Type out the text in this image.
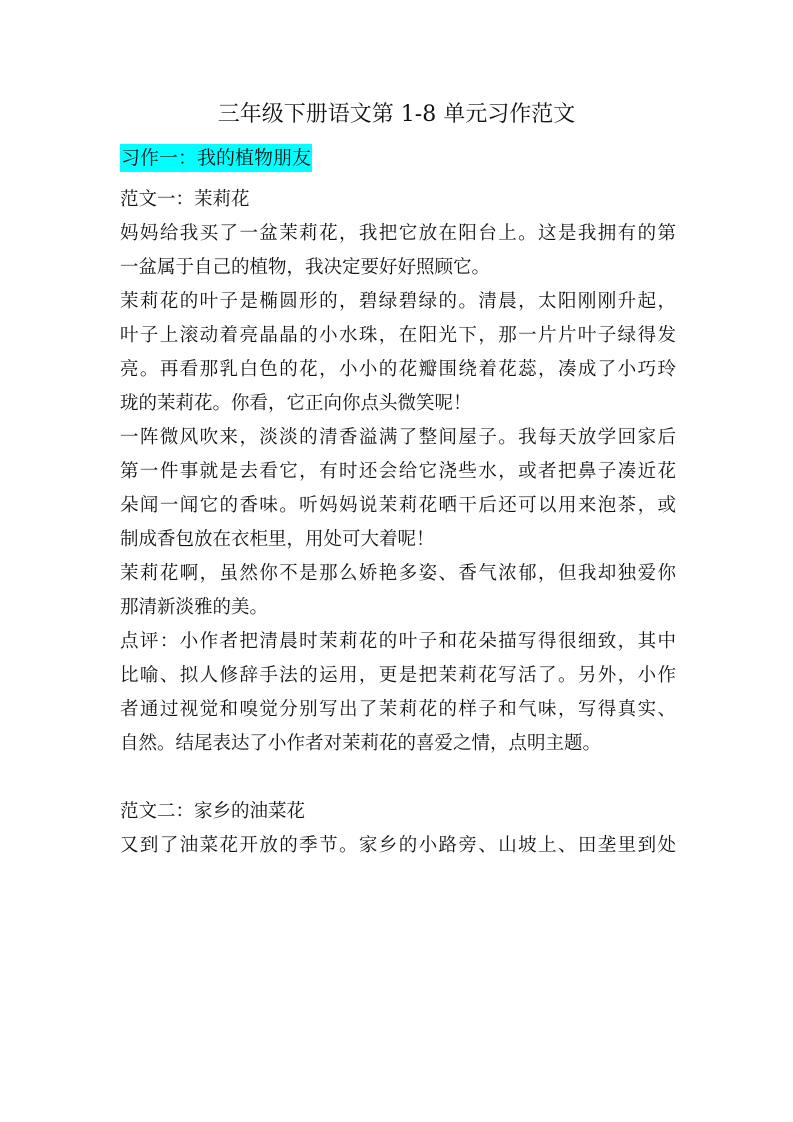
三年级下册语文第 1-8 单元习作范文
习作一：我的植物朋友
范文一：茉莉花
妈妈给我买了一盆茉莉花，我把它放在阳台上。这是我拥有的第
一盆属于自己的植物，我决定要好好照顾它。
茉莉花的叶子是椭圆形的，碧绿碧绿的。清晨，太阳刚刚升起，
叶子上滚动着亮晶晶的小水珠，在阳光下，那一片片叶子绿得发
亮。再看那乳白色的花，小小的花瓣围绕着花蕊，凑成了小巧玲
珑的茉莉花。你看，它正向你点头微笑呢！
一阵微风吹来，淡淡的清香溢满了整间屋子。我每天放学回家后
第一件事就是去看它，有时还会给它浇些水，或者把鼻子凑近花
朵闻一闻它的香味。听妈妈说茉莉花晒干后还可以用来泡茶，或
制成香包放在衣柜里，用处可大着呢！
茉莉花啊，虽然你不是那么娇艳多姿、香气浓郁，但我却独爱你
那清新淡雅的美。
点评：小作者把清晨时茉莉花的叶子和花朵描写得很细致，其中
比喻、拟人修辞手法的运用，更是把茉莉花写活了。另外，小作
者通过视觉和嗅觉分别写出了茉莉花的样子和气味，写得真实、
自然。结尾表达了小作者对茉莉花的喜爱之情，点明主题。
范文二：家乡的油菜花
又到了油菜花开放的季节。家乡的小路旁、山坡上、田垄里到处
